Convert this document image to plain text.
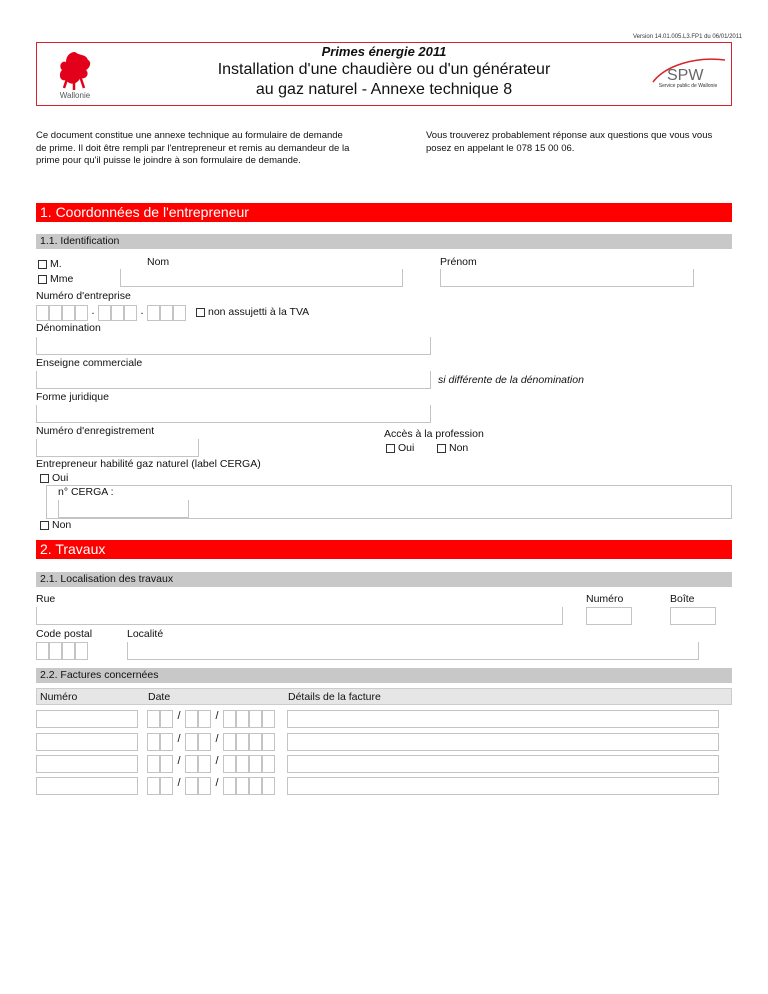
Version 14.01.005.L3.FP1 du 06/01/2011
Wallonie
Primes énergie 2011
Installation d'une chaudière ou d'un générateur
au gaz naturel - Annexe technique 8
SPW
Service public de Wallonie
Ce document constitue une annexe technique au formulaire de demande de prime. Il doit être rempli par l'entrepreneur et remis au demandeur de la prime pour qu'il puisse le joindre à son formulaire de demande.
Vous trouverez probablement réponse aux questions que vous vous posez en appelant le 078 15 00 06.
1. Coordonnées de l'entrepreneur
1.1. Identification
M.
Mme
Nom	Prénom
Numéro d'entreprise
.	.	non assujetti à la TVA
Dénomination
Enseigne commerciale
si différente de la dénomination
Forme juridique
Numéro d'enregistrement	Accès à la profession
Oui	Non
Entrepreneur habilité gaz naturel (label CERGA)
Oui
n° CERGA :
Non
2. Travaux
2.1. Localisation des travaux
Rue	Numéro	Boîte
Code postal	Localité
2.2. Factures concernées
Numéro	Date	Détails de la facture
/	/
/	/
/	/
/	/
